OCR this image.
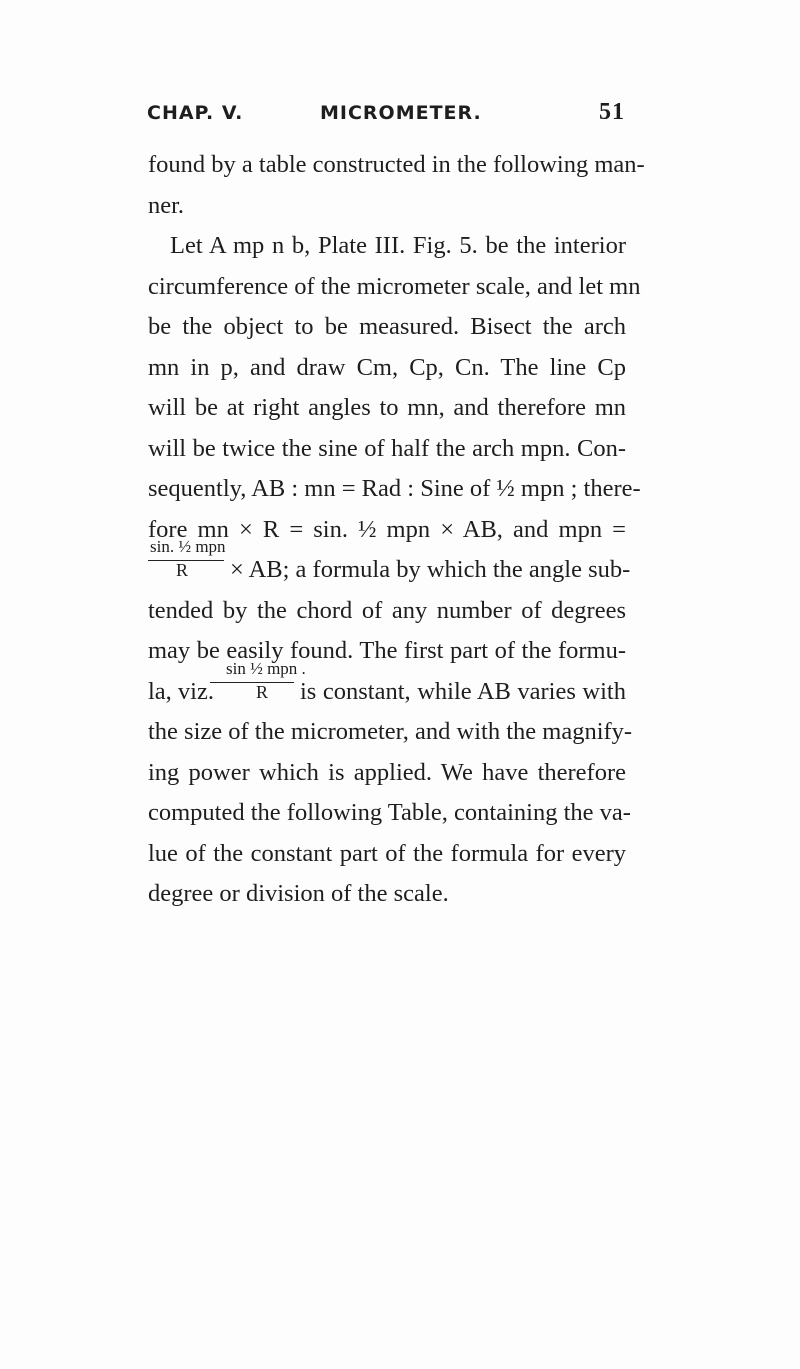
CHAP. V.	MICROMETER.	51
found by a table constructed in the following man-
ner.
Let A mp n b, Plate III. Fig. 5. be the interior
circumference of the micrometer scale, and let mn
be the object to be measured. Bisect the arch
mn in p, and draw Cm, Cp, Cn. The line Cp
will be at right angles to mn, and therefore mn
will be twice the sine of half the arch mpn. Con-
sequently, AB : mn = Rad : Sine of ½ mpn ; there-
fore mn × R = sin. ½ mpn × AB, and mpn =
sin. ½ mpn
R × AB; a formula by which the angle sub-
tended by the chord of any number of degrees
may be easily found. The first part of the formu-
la, viz.
sin ½ mpn .
R is constant, while AB varies with
the size of the micrometer, and with the magnify-
ing power which is applied. We have therefore
computed the following Table, containing the va-
lue of the constant part of the formula for every
degree or division of the scale.
